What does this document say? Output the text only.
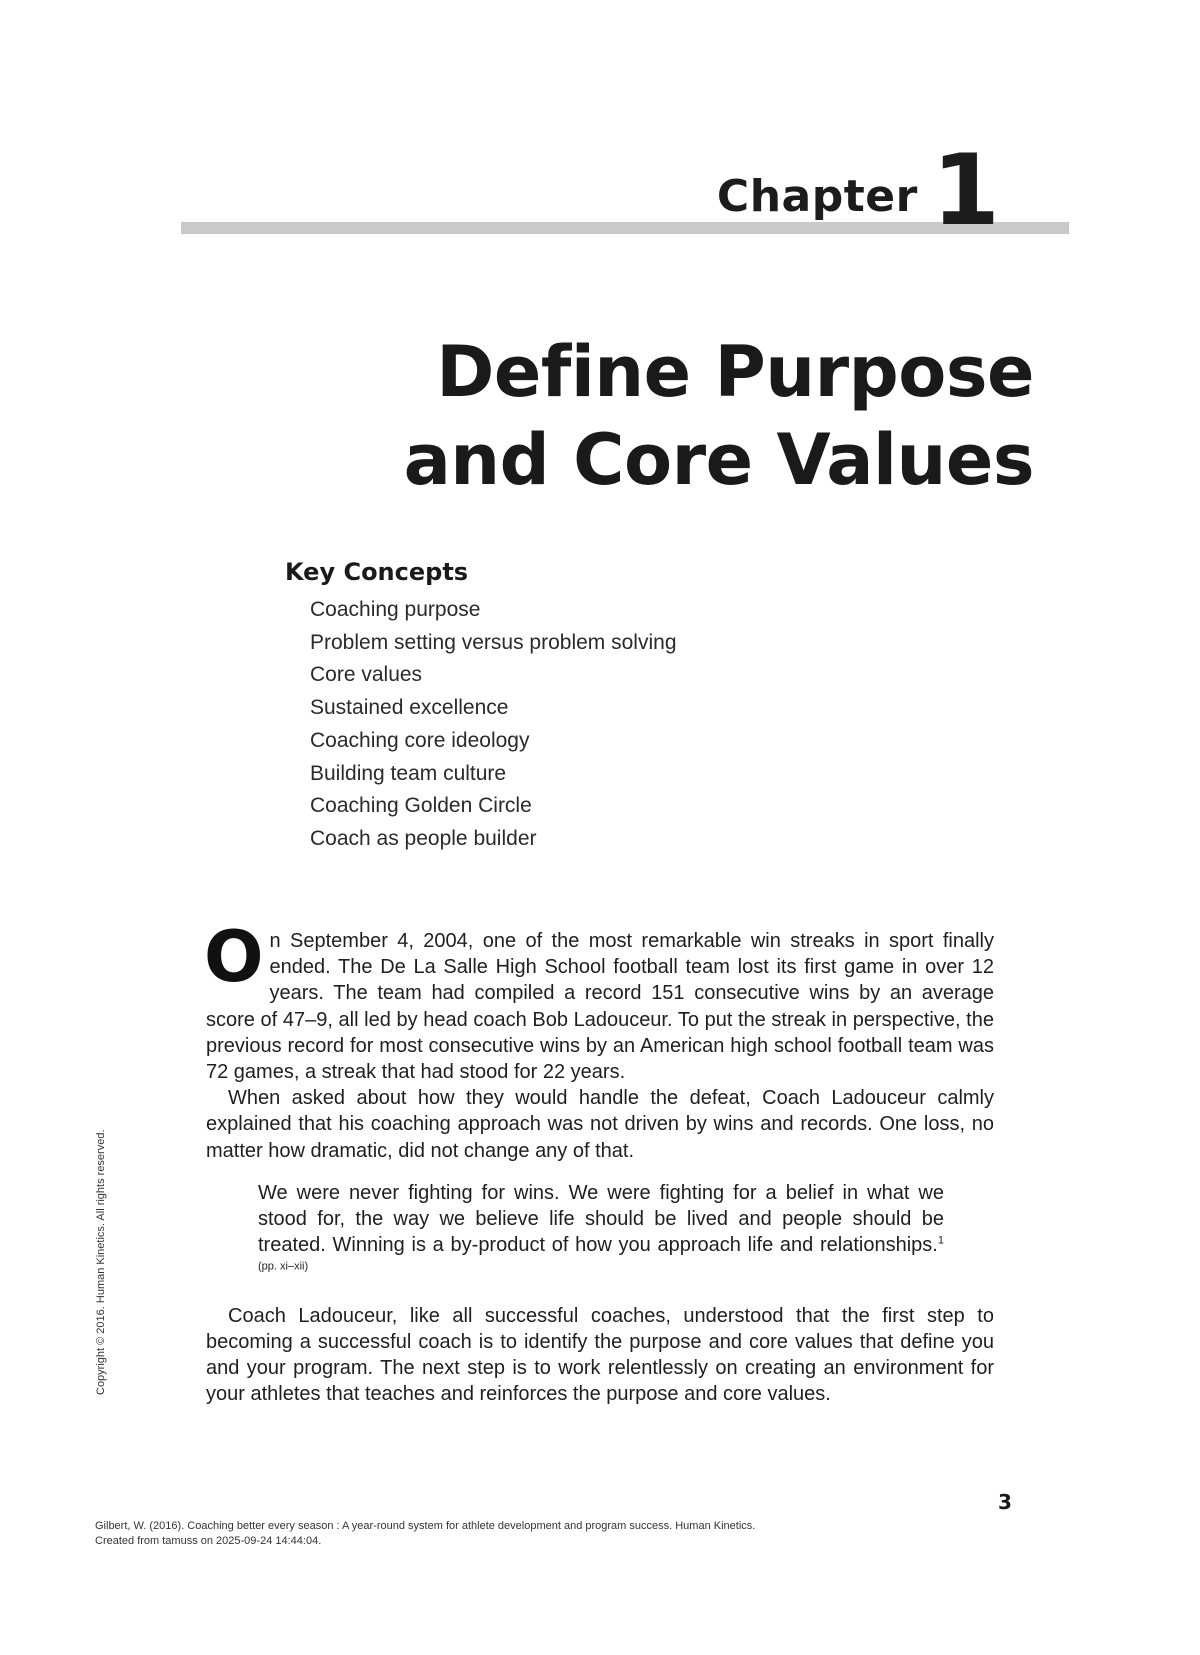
Chapter 1
Define Purpose
and Core Values
Key Concepts
Coaching purpose
Problem setting versus problem solving
Core values
Sustained excellence
Coaching core ideology
Building team culture
Coaching Golden Circle
Coach as people builder

On September 4, 2004, one of the most remarkable win streaks in sport finally ended. The De La Salle High School football team lost its first game in over 12 years. The team had compiled a record 151 consecutive wins by an average score of 47–9, all led by head coach Bob Ladouceur. To put the streak in perspective, the previous record for most consecutive wins by an American high school football team was 72 games, a streak that had stood for 22 years.

When asked about how they would handle the defeat, Coach Ladouceur calmly explained that his coaching approach was not driven by wins and records. One loss, no matter how dramatic, did not change any of that.

We were never fighting for wins. We were fighting for a belief in what we stood for, the way we believe life should be lived and people should be treated. Winning is a by-product of how you approach life and relationships.$^{1 (pp. xi-xii)}$

Coach Ladouceur, like all successful coaches, understood that the first step to becoming a successful coach is to identify the purpose and core values that define you and your program. The next step is to work relentlessly on creating an environment for your athletes that teaches and reinforces the purpose and core values.

Copyright © 2016. Human Kinetics. All rights reserved.
3
Gilbert, W. (2016). Coaching better every season : A year-round system for athlete development and program success. Human Kinetics.
Created from tamuss on 2025-09-24 14:44:04.
